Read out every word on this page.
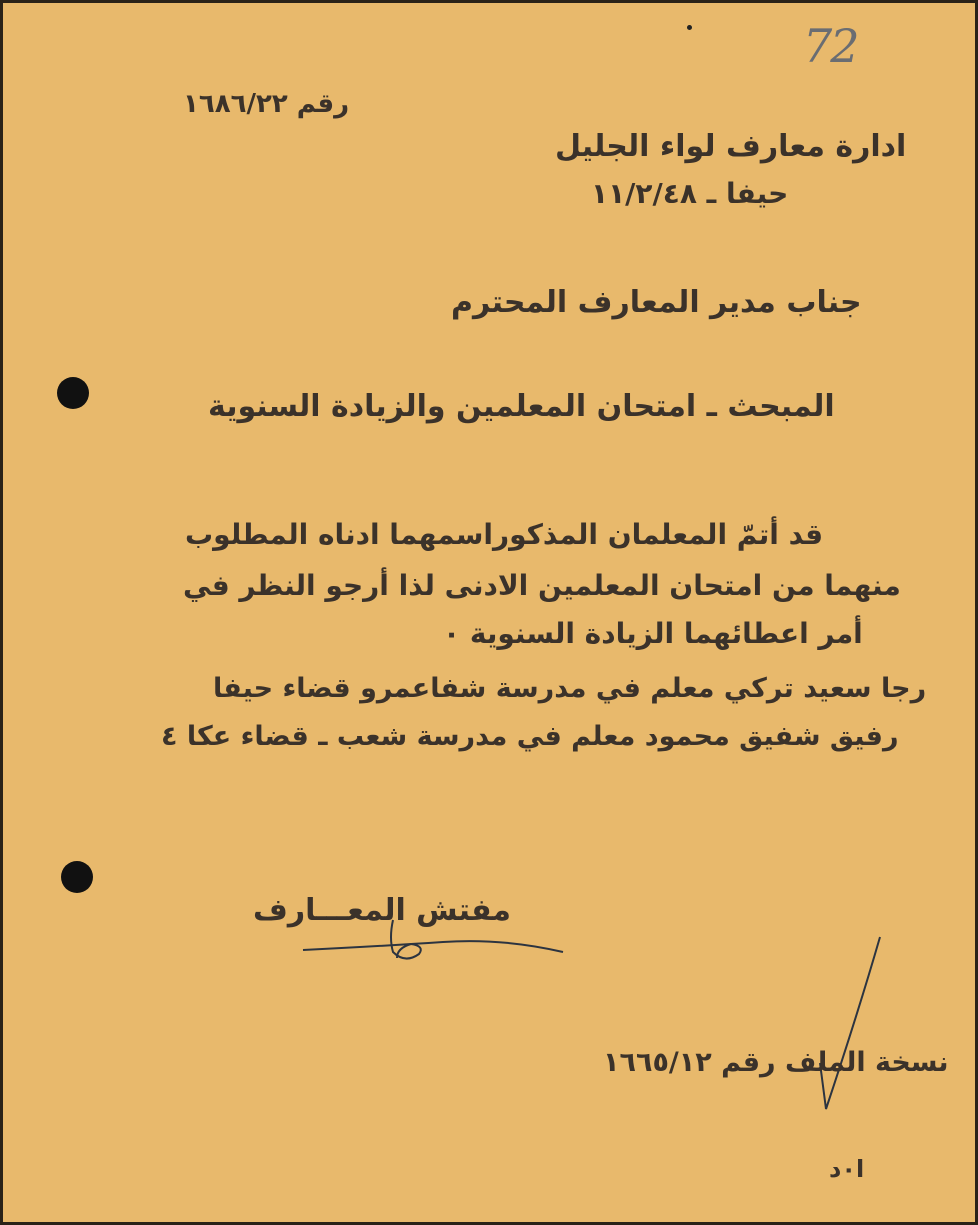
72
رقم ١٦٨٦/٢٢
ادارة معارف لواء الجليل
حيفا ـ ١١/٢/٤٨
جناب مدير المعارف المحترم
المبحث ـ امتحان المعلمين والزيادة السنوية
قد أتمّ المعلمان المذكوراسمهما ادناه المطلوب
منهما من امتحان المعلمين الادنى لذا أرجو النظر في
أمر اعطائهما الزيادة السنوية ٠
رجا سعيد تركي معلم في مدرسة شفاعمرو قضاء حيفا
رفيق شفيق محمود معلم في مدرسة شعب ـ قضاء عكا ٤
مفتش المعـــارف
نسخة الملف رقم ١٦٦٥/١٢
ا٠د
